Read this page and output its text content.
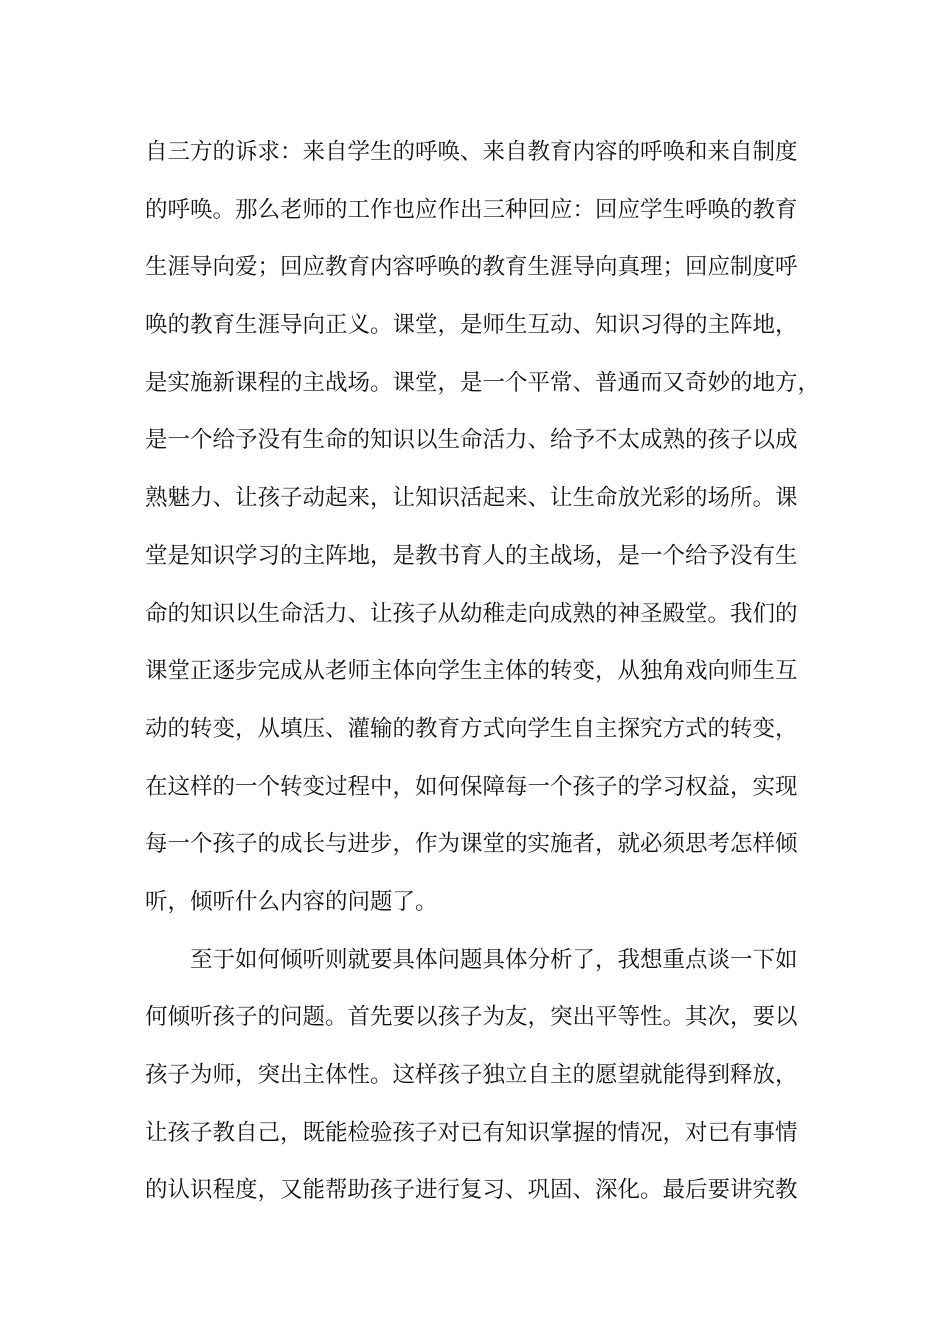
自三方的诉求：来自学生的呼唤、来自教育内容的呼唤和来自制度
的呼唤。那么老师的工作也应作出三种回应：回应学生呼唤的教育
生涯导向爱；回应教育内容呼唤的教育生涯导向真理；回应制度呼
唤的教育生涯导向正义。课堂，是师生互动、知识习得的主阵地，
是实施新课程的主战场。课堂，是一个平常、普通而又奇妙的地方，
是一个给予没有生命的知识以生命活力、给予不太成熟的孩子以成
熟魅力、让孩子动起来，让知识活起来、让生命放光彩的场所。课
堂是知识学习的主阵地，是教书育人的主战场，是一个给予没有生
命的知识以生命活力、让孩子从幼稚走向成熟的神圣殿堂。我们的
课堂正逐步完成从老师主体向学生主体的转变，从独角戏向师生互
动的转变，从填压、灌输的教育方式向学生自主探究方式的转变，
在这样的一个转变过程中，如何保障每一个孩子的学习权益，实现
每一个孩子的成长与进步，作为课堂的实施者，就必须思考怎样倾
听，倾听什么内容的问题了。
至于如何倾听则就要具体问题具体分析了，我想重点谈一下如
何倾听孩子的问题。首先要以孩子为友，突出平等性。其次，要以
孩子为师，突出主体性。这样孩子独立自主的愿望就能得到释放，
让孩子教自己，既能检验孩子对已有知识掌握的情况，对已有事情
的认识程度，又能帮助孩子进行复习、巩固、深化。最后要讲究教
